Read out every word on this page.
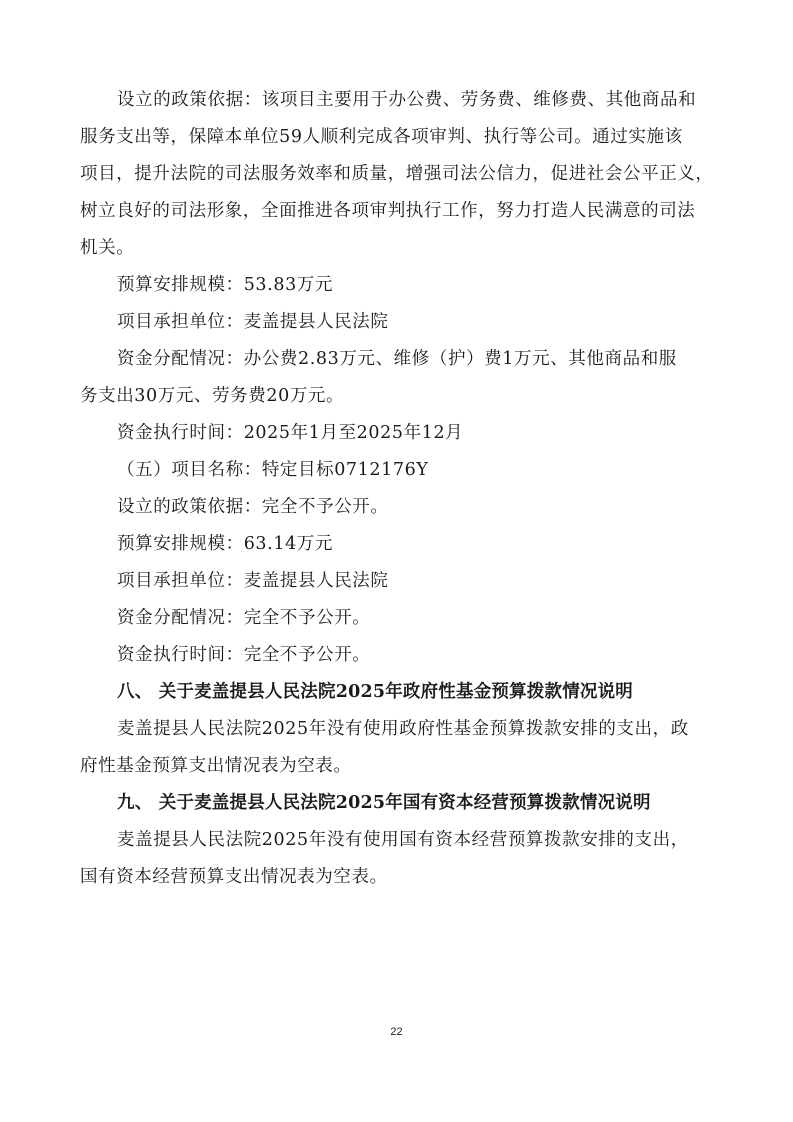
设立的政策依据：该项目主要用于办公费、劳务费、维修费、其他商品和
服务支出等，保障本单位59人顺利完成各项审判、执行等公司。通过实施该
项目，提升法院的司法服务效率和质量，增强司法公信力，促进社会公平正义，
树立良好的司法形象，全面推进各项审判执行工作，努力打造人民满意的司法
机关。
预算安排规模：53.83万元
项目承担单位：麦盖提县人民法院
资金分配情况：办公费2.83万元、维修（护）费1万元、其他商品和服
务支出30万元、劳务费20万元。
资金执行时间：2025年1月至2025年12月
（五）项目名称：特定目标0712176Y
设立的政策依据：完全不予公开。
预算安排规模：63.14万元
项目承担单位：麦盖提县人民法院
资金分配情况：完全不予公开。
资金执行时间：完全不予公开。
八、 关于麦盖提县人民法院2025年政府性基金预算拨款情况说明
麦盖提县人民法院2025年没有使用政府性基金预算拨款安排的支出，政
府性基金预算支出情况表为空表。
九、 关于麦盖提县人民法院2025年国有资本经营预算拨款情况说明
麦盖提县人民法院2025年没有使用国有资本经营预算拨款安排的支出，
国有资本经营预算支出情况表为空表。
22
